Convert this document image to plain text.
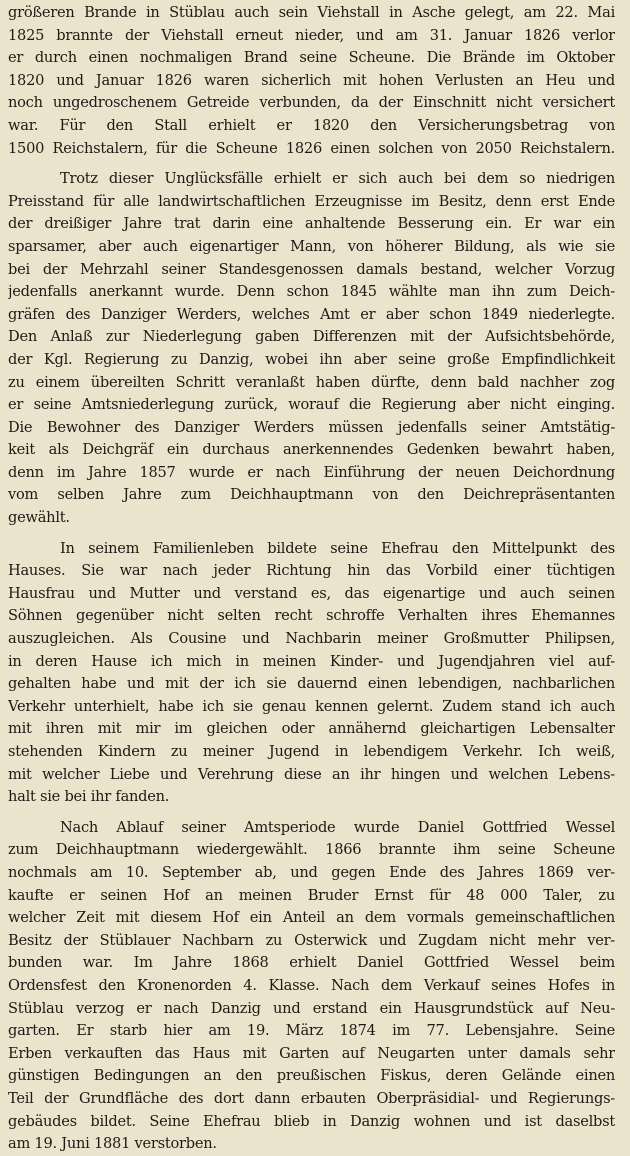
größeren Brande in Stüblau auch sein Viehstall in Asche gelegt, am 22. Mai
1825 brannte der Viehstall erneut nieder, und am 31. Januar 1826 verlor
er durch einen nochmaligen Brand seine Scheune. Die Brände im Oktober
1820 und Januar 1826 waren sicherlich mit hohen Verlusten an Heu und
noch ungedroschenem Getreide verbunden, da der Einschnitt nicht versichert
war. Für den Stall erhielt er 1820 den Versicherungsbetrag von
1500 Reichstalern, für die Scheune 1826 einen solchen von 2050 Reichstalern.
Trotz dieser Unglücksfälle erhielt er sich auch bei dem so niedrigen
Preisstand für alle landwirtschaftlichen Erzeugnisse im Besitz, denn erst Ende
der dreißiger Jahre trat darin eine anhaltende Besserung ein. Er war ein
sparsamer, aber auch eigenartiger Mann, von höherer Bildung, als wie sie
bei der Mehrzahl seiner Standesgenossen damals bestand, welcher Vorzug
jedenfalls anerkannt wurde. Denn schon 1845 wählte man ihn zum Deich-
gräfen des Danziger Werders, welches Amt er aber schon 1849 niederlegte.
Den Anlaß zur Niederlegung gaben Differenzen mit der Aufsichtsbehörde,
der Kgl. Regierung zu Danzig, wobei ihn aber seine große Empfindlichkeit
zu einem übereilten Schritt veranlaßt haben dürfte, denn bald nachher zog
er seine Amtsniederlegung zurück, worauf die Regierung aber nicht einging.
Die Bewohner des Danziger Werders müssen jedenfalls seiner Amtstätig-
keit als Deichgräf ein durchaus anerkennendes Gedenken bewahrt haben,
denn im Jahre 1857 wurde er nach Einführung der neuen Deichordnung
vom selben Jahre zum Deichhauptmann von den Deichrepräsentanten
gewählt.
In seinem Familienleben bildete seine Ehefrau den Mittelpunkt des
Hauses. Sie war nach jeder Richtung hin das Vorbild einer tüchtigen
Hausfrau und Mutter und verstand es, das eigenartige und auch seinen
Söhnen gegenüber nicht selten recht schroffe Verhalten ihres Ehemannes
auszugleichen. Als Cousine und Nachbarin meiner Großmutter Philipsen,
in deren Hause ich mich in meinen Kinder- und Jugendjahren viel auf-
gehalten habe und mit der ich sie dauernd einen lebendigen, nachbarlichen
Verkehr unterhielt, habe ich sie genau kennen gelernt. Zudem stand ich auch
mit ihren mit mir im gleichen oder annähernd gleichartigen Lebensalter
stehenden Kindern zu meiner Jugend in lebendigem Verkehr. Ich weiß,
mit welcher Liebe und Verehrung diese an ihr hingen und welchen Lebens-
halt sie bei ihr fanden.
Nach Ablauf seiner Amtsperiode wurde Daniel Gottfried Wessel
zum Deichhauptmann wiedergewählt. 1866 brannte ihm seine Scheune
nochmals am 10. September ab, und gegen Ende des Jahres 1869 ver-
kaufte er seinen Hof an meinen Bruder Ernst für 48 000 Taler, zu
welcher Zeit mit diesem Hof ein Anteil an dem vormals gemeinschaftlichen
Besitz der Stüblauer Nachbarn zu Osterwick und Zugdam nicht mehr ver-
bunden war. Im Jahre 1868 erhielt Daniel Gottfried Wessel beim
Ordensfest den Kronenorden 4. Klasse. Nach dem Verkauf seines Hofes in
Stüblau verzog er nach Danzig und erstand ein Hausgrundstück auf Neu-
garten. Er starb hier am 19. März 1874 im 77. Lebensjahre. Seine
Erben verkauften das Haus mit Garten auf Neugarten unter damals sehr
günstigen Bedingungen an den preußischen Fiskus, deren Gelände einen
Teil der Grundfläche des dort dann erbauten Oberpräsidial- und Regierungs-
gebäudes bildet. Seine Ehefrau blieb in Danzig wohnen und ist daselbst
am 19. Juni 1881 verstorben.
